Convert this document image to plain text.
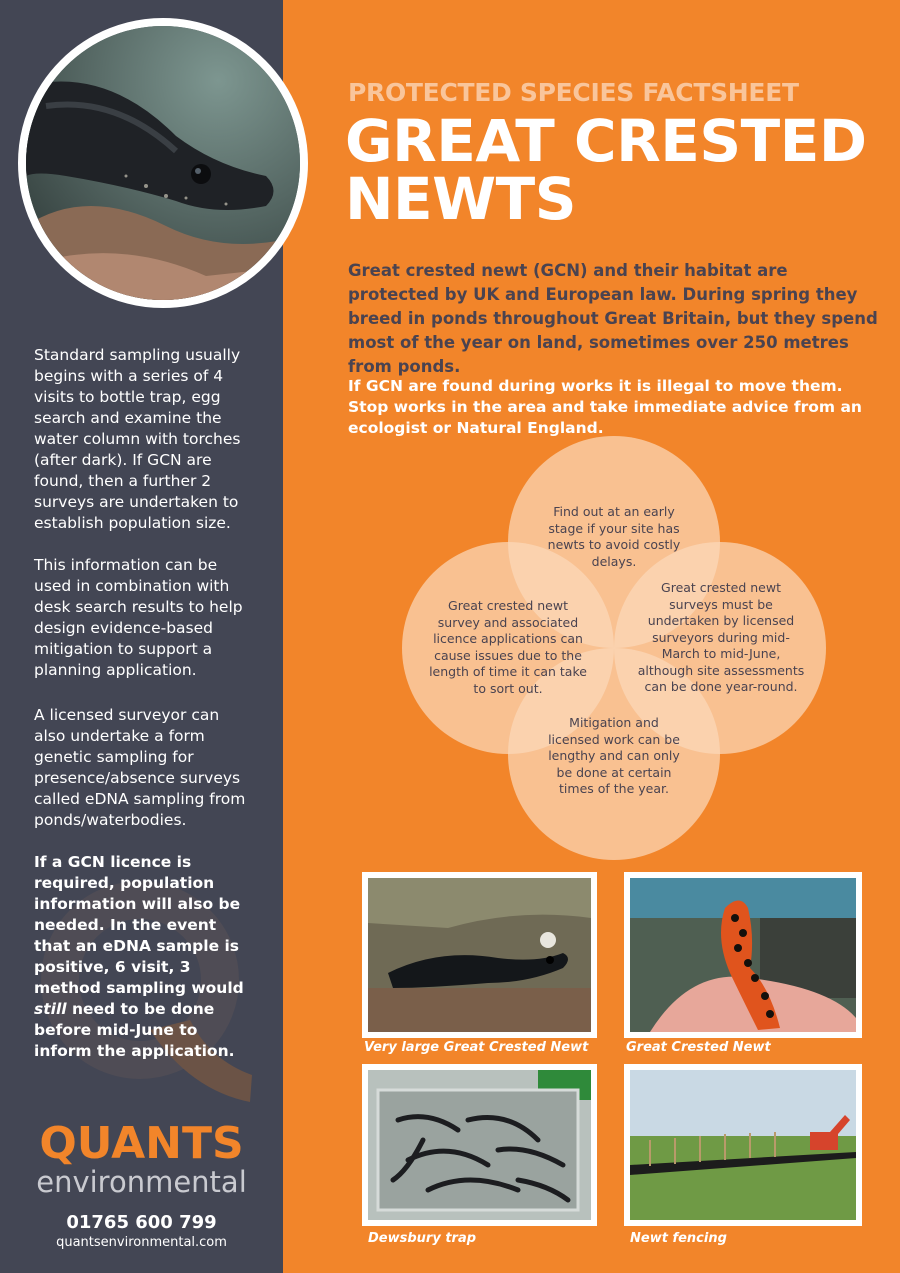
Standard sampling usually begins with a series of 4 visits to bottle trap, egg search and examine the water column with torches (after dark). If GCN are found, then a further 2 surveys are undertaken to establish population size.

This information can be used in combination with desk search results to help design evidence-based mitigation to support a planning application.

A licensed surveyor can also undertake a form genetic sampling for presence/absence surveys called eDNA sampling from ponds/waterbodies.

If a GCN licence is required, population information will also be needed. In the event that an eDNA sample is positive, 6 visit, 3 method sampling would still need to be done before mid-June to inform the application.

QUANTS
environmental
01765 600 799
quantsenvironmental.com
PROTECTED SPECIES FACTSHEET
GREAT CRESTED
NEWTS

Great crested newt (GCN) and their habitat are protected by UK and European law. During spring they breed in ponds throughout Great Britain, but they spend most of the year on land, sometimes over 250 metres from ponds.

If GCN are found during works it is illegal to move them. Stop works in the area and take immediate advice from an ecologist or Natural England.

Find out at an early stage if your site has newts to avoid costly delays.
Great crested newt survey and associated licence applications can cause issues due to the length of time it can take to sort out.
Great crested newt surveys must be undertaken by licensed surveyors during mid-March to mid-June, although site assessments can be done year-round.
Mitigation and licensed work can be lengthy and can only be done at certain times of the year.
Very large Great Crested Newt	Great Crested Newt
Dewsbury trap	Newt fencing
